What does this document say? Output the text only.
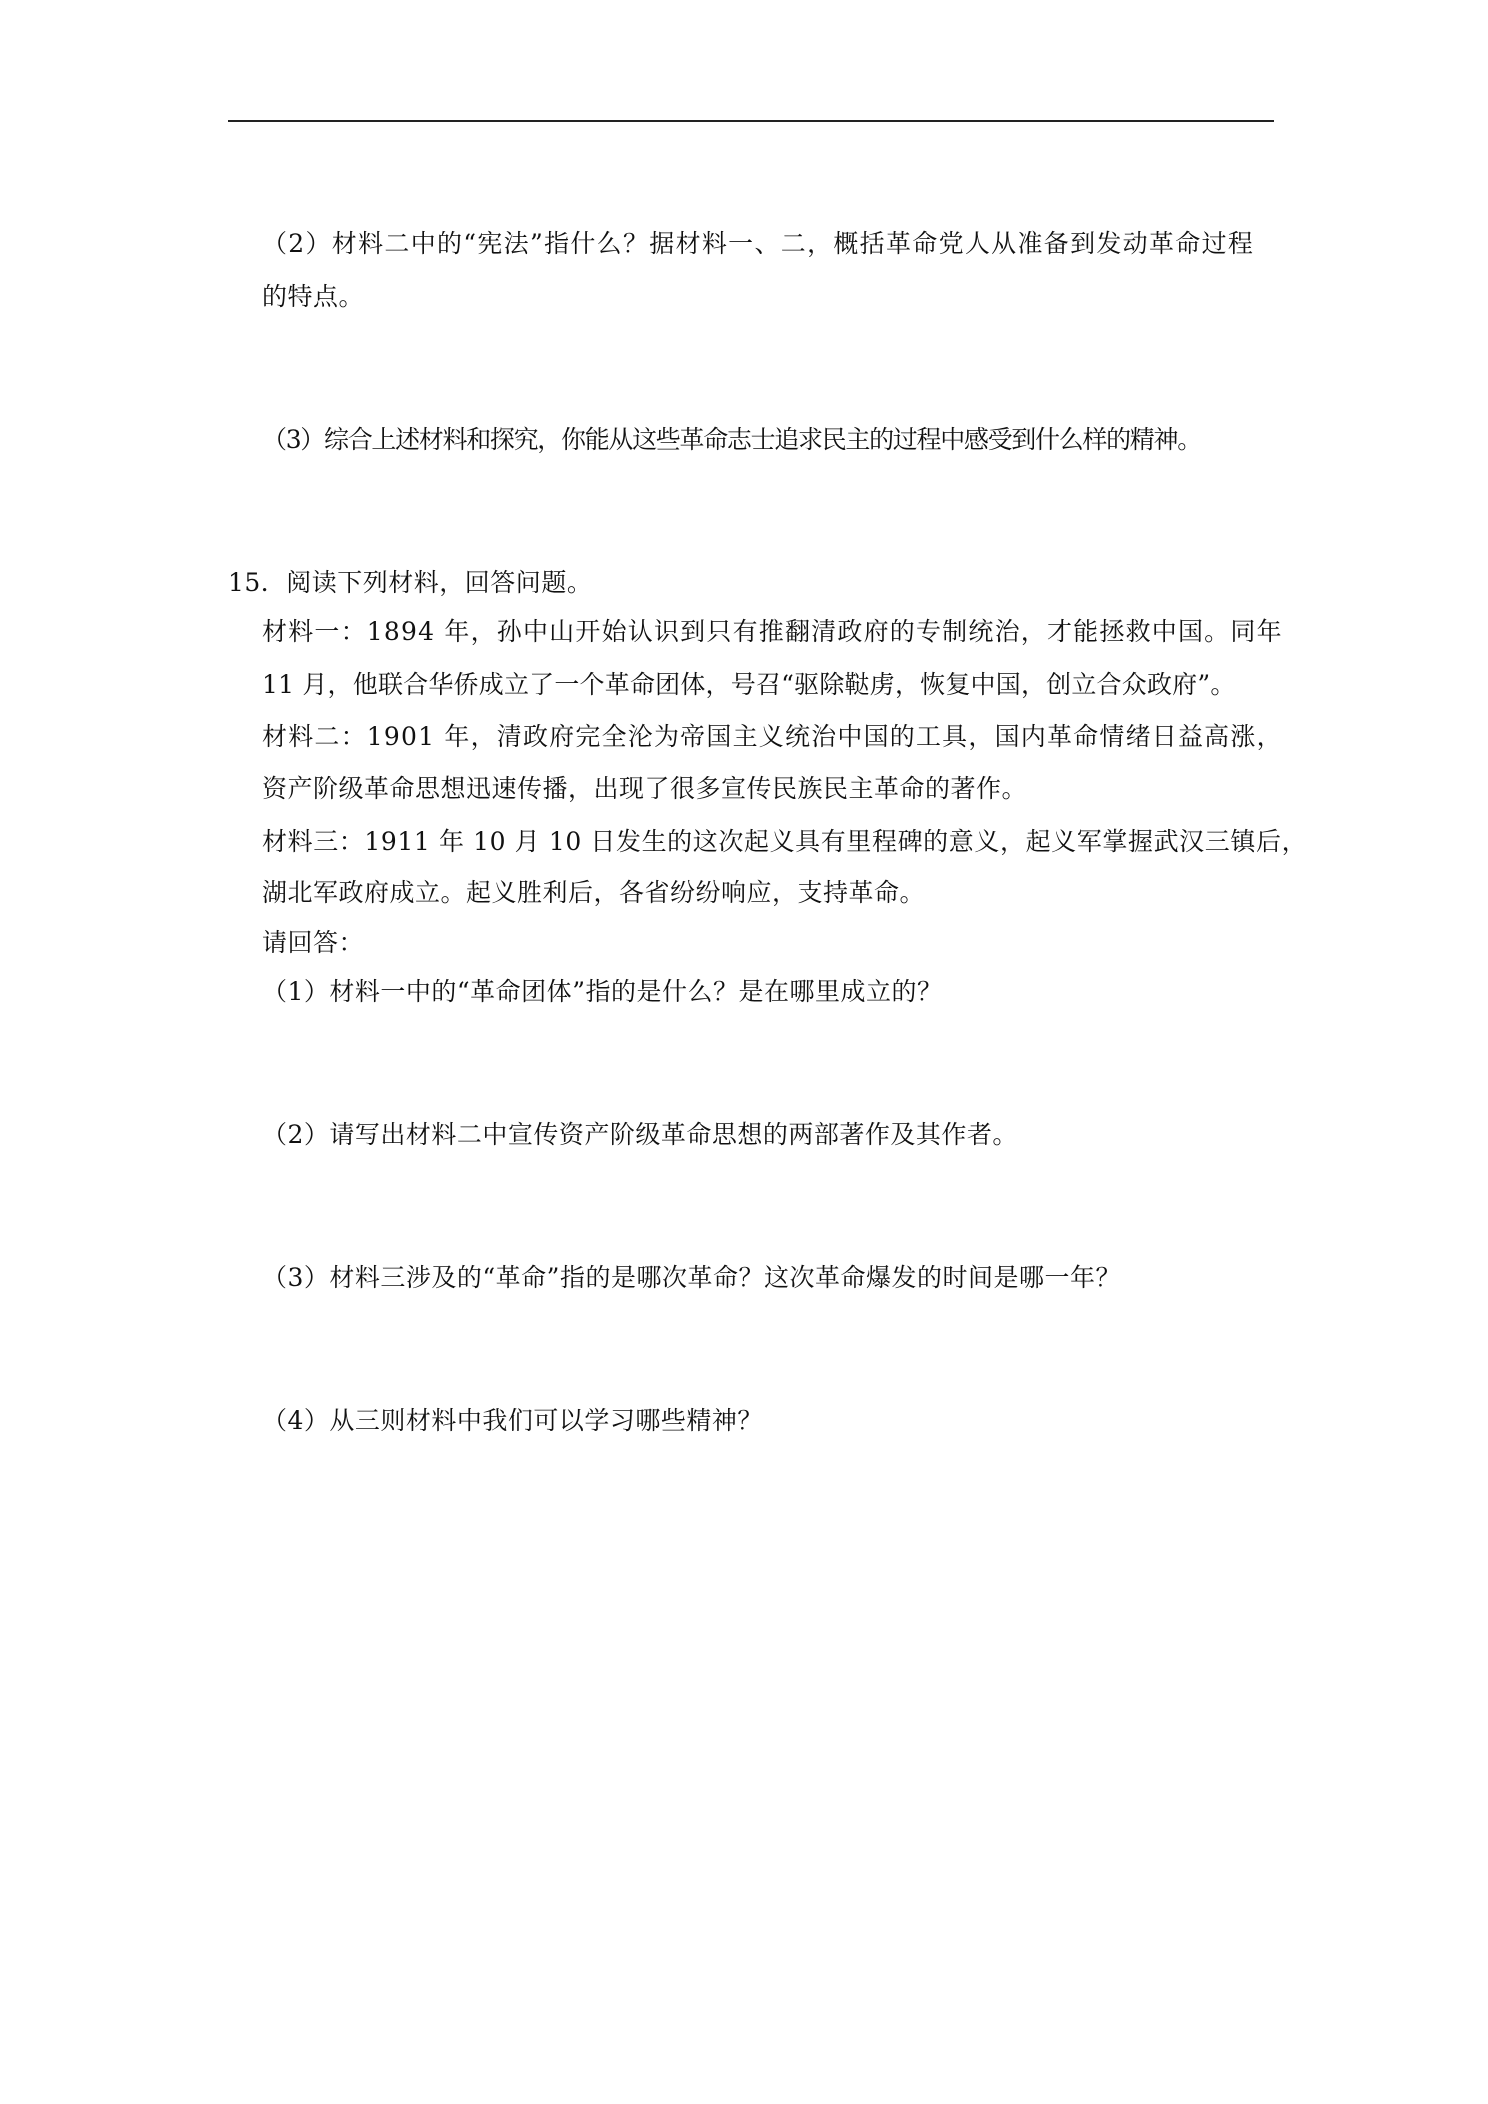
（2）材料二中的“宪法”指什么？据材料一、二，概括革命党人从准备到发动革命过程
的特点。
（3）综合上述材料和探究，你能从这些革命志士追求民主的过程中感受到什么样的精神。
15．阅读下列材料，回答问题。
材料一：1894 年，孙中山开始认识到只有推翻清政府的专制统治，才能拯救中国。同年
11 月，他联合华侨成立了一个革命团体，号召“驱除鞑虏，恢复中国，创立合众政府”。
材料二：1901 年，清政府完全沦为帝国主义统治中国的工具，国内革命情绪日益高涨，
资产阶级革命思想迅速传播，出现了很多宣传民族民主革命的著作。
材料三：1911 年 10 月 10 日发生的这次起义具有里程碑的意义，起义军掌握武汉三镇后，
湖北军政府成立。起义胜利后，各省纷纷响应，支持革命。
请回答：
（1）材料一中的“革命团体”指的是什么？是在哪里成立的？
（2）请写出材料二中宣传资产阶级革命思想的两部著作及其作者。
（3）材料三涉及的“革命”指的是哪次革命？这次革命爆发的时间是哪一年？
（4）从三则材料中我们可以学习哪些精神？
